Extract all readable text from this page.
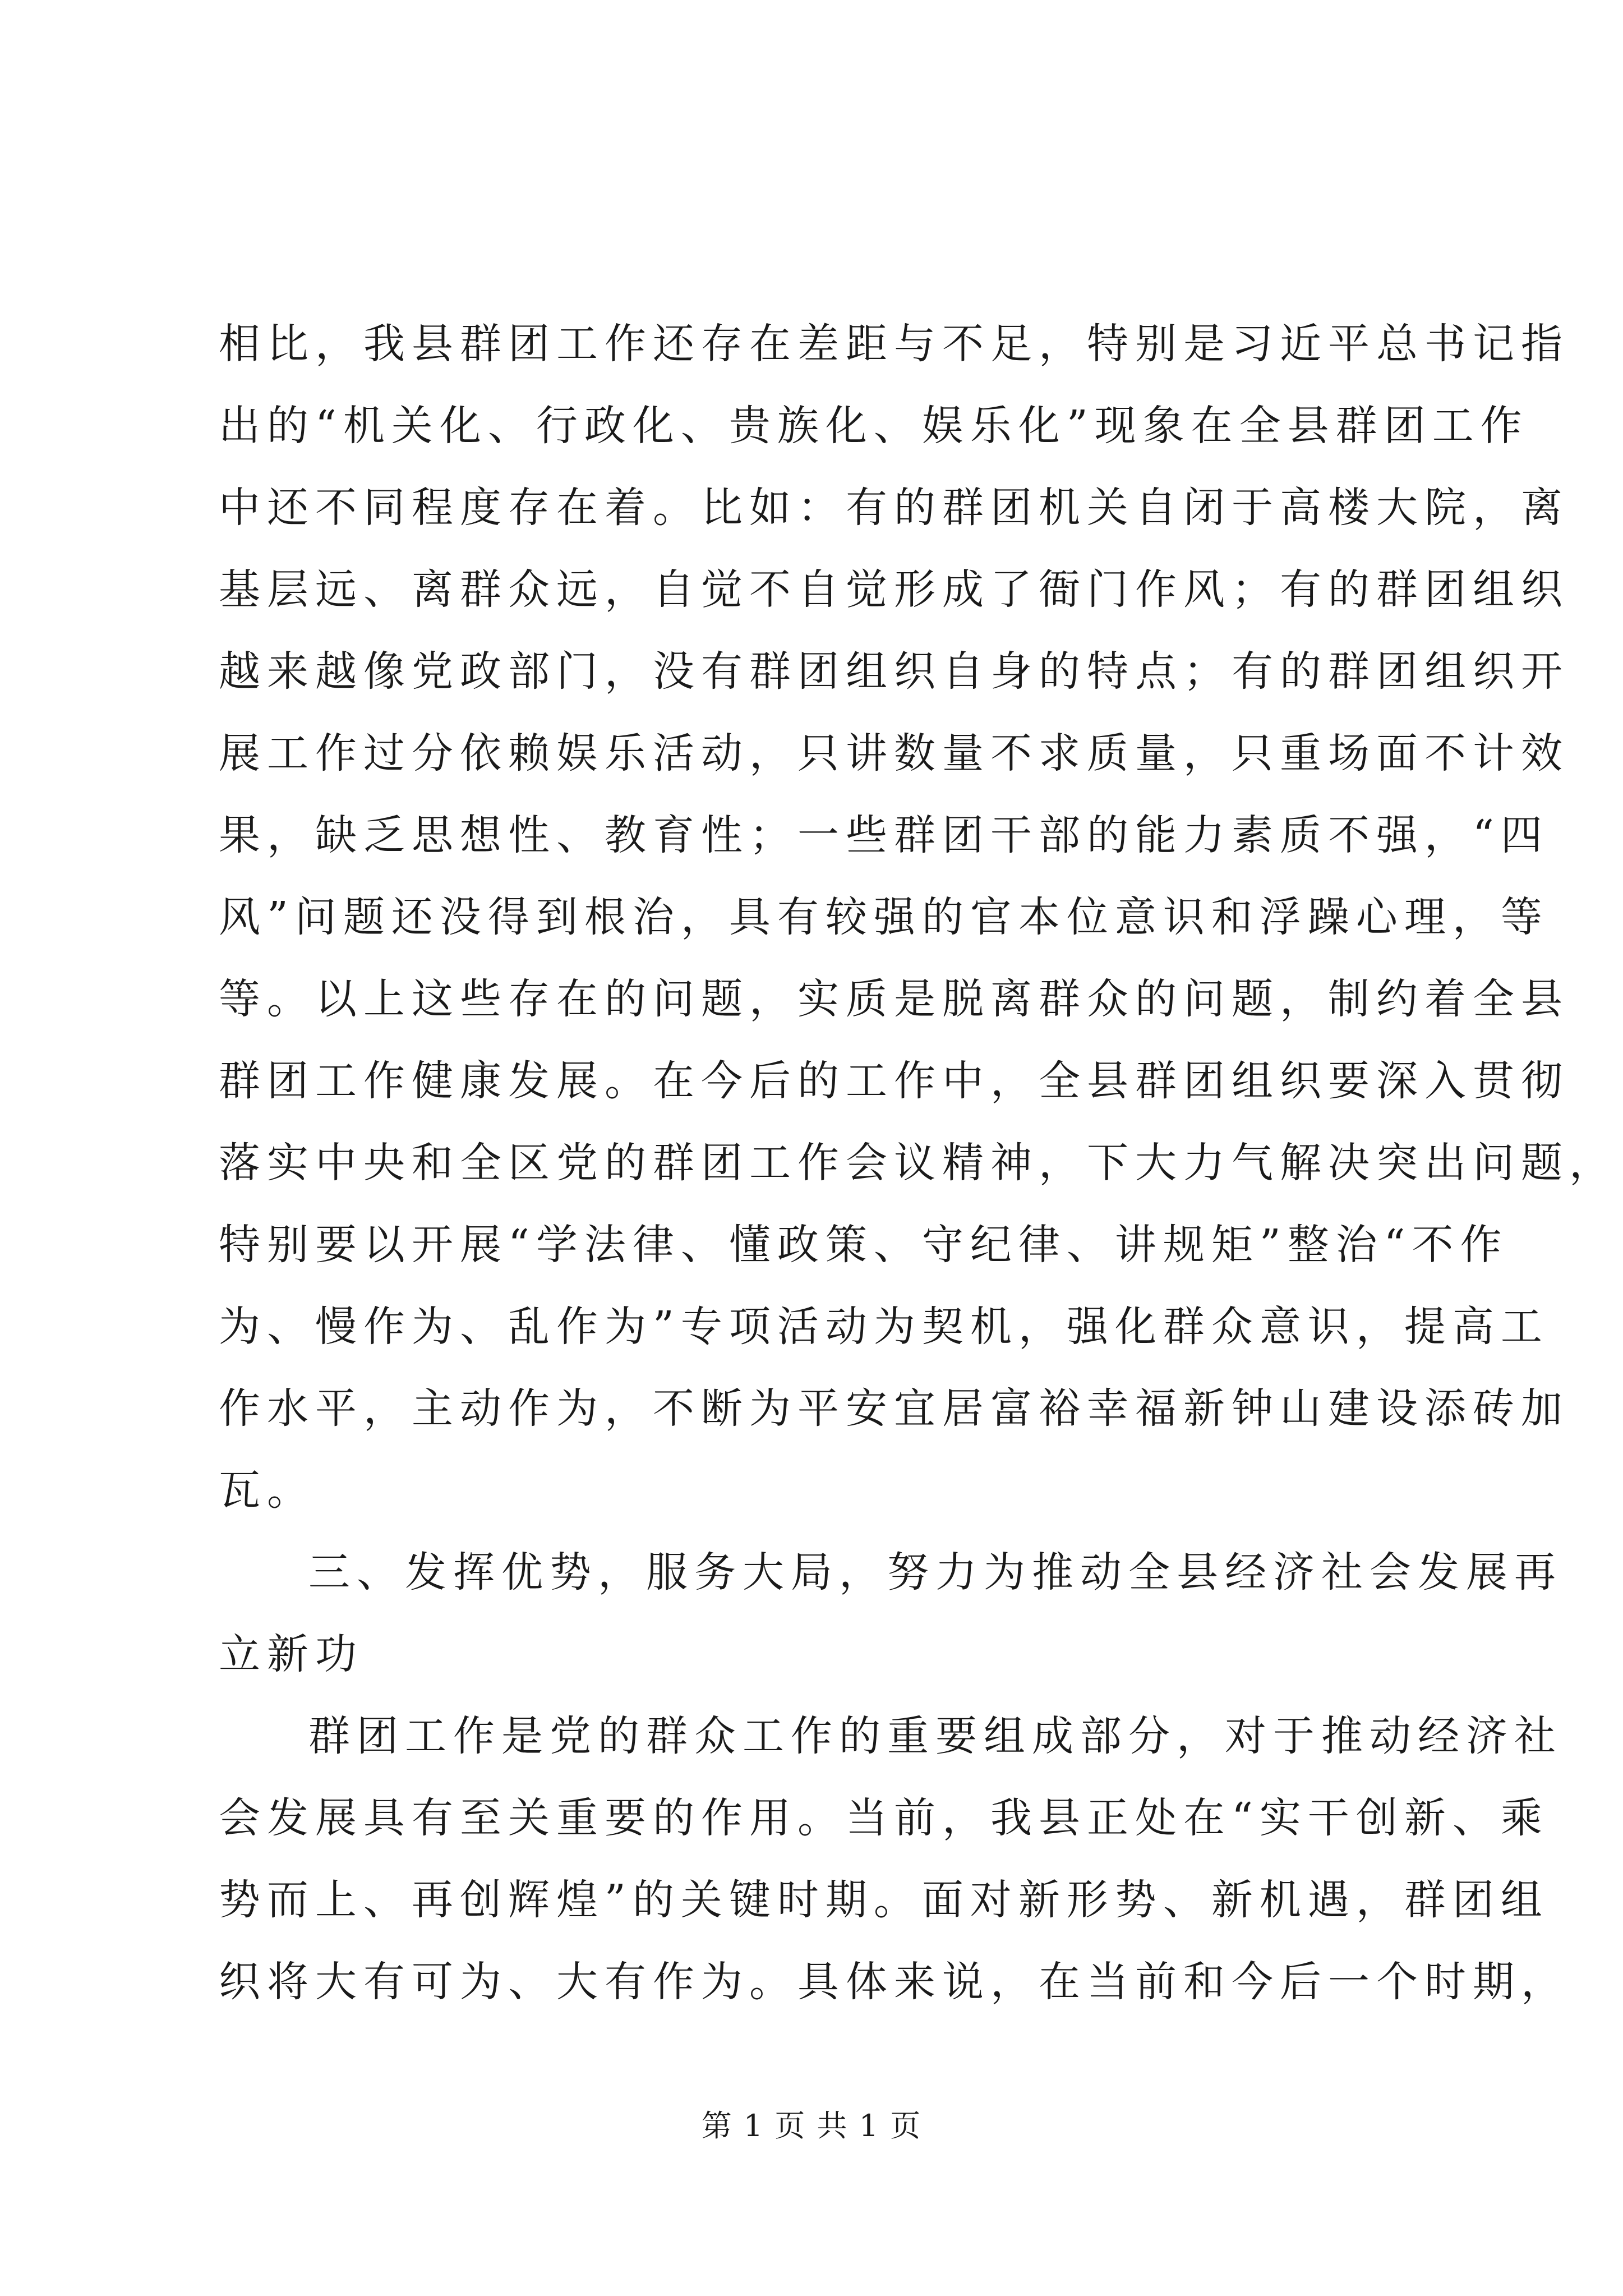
相比，我县群团工作还存在差距与不足，特别是习近平总书记指
出的“机关化、行政化、贵族化、娱乐化”现象在全县群团工作
中还不同程度存在着。比如：有的群团机关自闭于高楼大院，离
基层远、离群众远，自觉不自觉形成了衙门作风；有的群团组织
越来越像党政部门，没有群团组织自身的特点；有的群团组织开
展工作过分依赖娱乐活动，只讲数量不求质量，只重场面不计效
果，缺乏思想性、教育性；一些群团干部的能力素质不强，“四
风”问题还没得到根治，具有较强的官本位意识和浮躁心理，等
等。以上这些存在的问题，实质是脱离群众的问题，制约着全县
群团工作健康发展。在今后的工作中，全县群团组织要深入贯彻
落实中央和全区党的群团工作会议精神，下大力气解决突出问题，
特别要以开展“学法律、懂政策、守纪律、讲规矩”整治“不作
为、慢作为、乱作为”专项活动为契机，强化群众意识，提高工
作水平，主动作为，不断为平安宜居富裕幸福新钟山建设添砖加
瓦。
三、发挥优势，服务大局，努力为推动全县经济社会发展再
立新功
群团工作是党的群众工作的重要组成部分，对于推动经济社
会发展具有至关重要的作用。当前，我县正处在“实干创新、乘
势而上、再创辉煌”的关键时期。面对新形势、新机遇，群团组
织将大有可为、大有作为。具体来说，在当前和今后一个时期，
第 1 页 共 1 页
